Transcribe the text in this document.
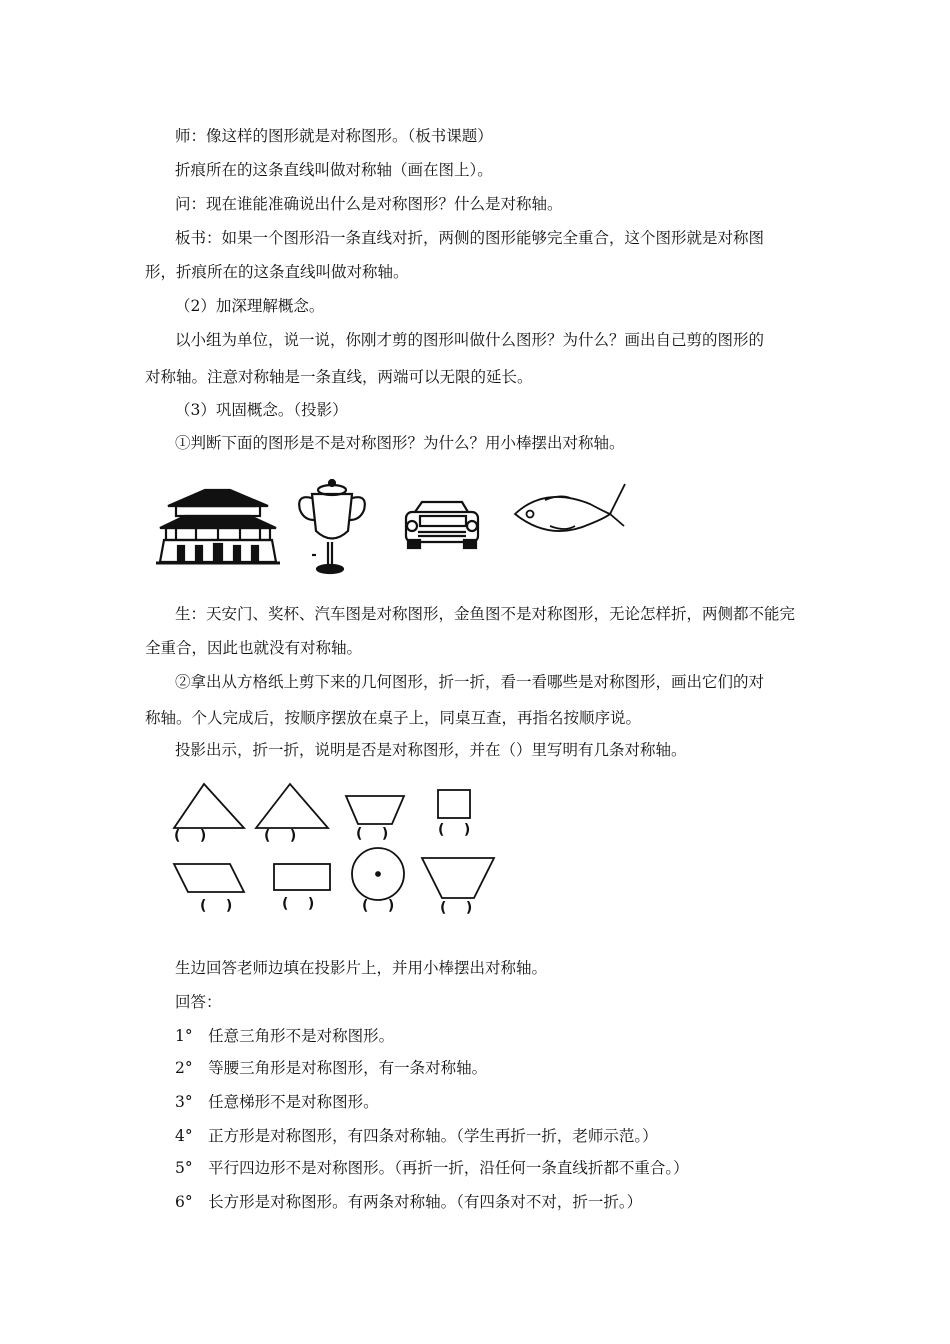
师：像这样的图形就是对称图形。（板书课题）
折痕所在的这条直线叫做对称轴（画在图上）。
问：现在谁能准确说出什么是对称图形？什么是对称轴。
板书：如果一个图形沿一条直线对折，两侧的图形能够完全重合，这个图形就是对称图
形，折痕所在的这条直线叫做对称轴。
（2）加深理解概念。
以小组为单位，说一说，你刚才剪的图形叫做什么图形？为什么？画出自己剪的图形的
对称轴。注意对称轴是一条直线，两端可以无限的延长。
（3）巩固概念。（投影）
①判断下面的图形是不是对称图形？为什么？用小棒摆出对称轴。
生：天安门、奖杯、汽车图是对称图形，金鱼图不是对称图形，无论怎样折，两侧都不能完
全重合，因此也就没有对称轴。
②拿出从方格纸上剪下来的几何图形，折一折，看一看哪些是对称图形，画出它们的对
称轴。个人完成后，按顺序摆放在桌子上，同桌互查，再指名按顺序说。
投影出示，折一折，说明是否是对称图形，并在（）里写明有几条对称轴。
(    )	(    )	(    )	(    )
(    )	(    )	(    )	(    )
生边回答老师边填在投影片上，并用小棒摆出对称轴。
回答：
1°　任意三角形不是对称图形。
2°　等腰三角形是对称图形，有一条对称轴。
3°　任意梯形不是对称图形。
4°　正方形是对称图形，有四条对称轴。（学生再折一折，老师示范。）
5°　平行四边形不是对称图形。（再折一折，沿任何一条直线折都不重合。）
6°　长方形是对称图形。有两条对称轴。（有四条对不对，折一折。）
